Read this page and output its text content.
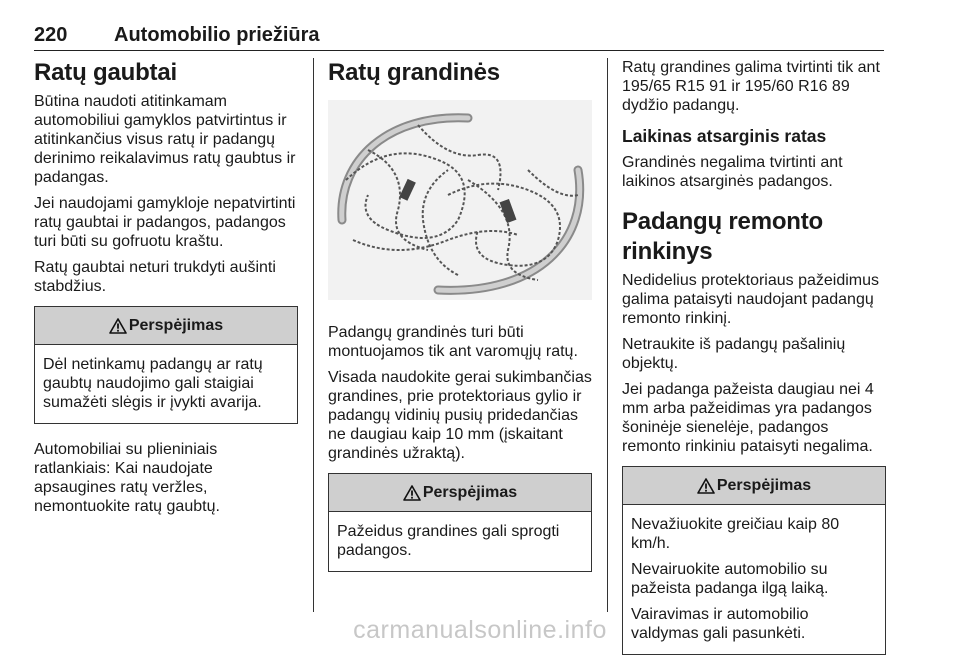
220 Automobilio priežiūra
Ratų gaubtai

Būtina naudoti atitinkamam automobiliui gamyklos patvirtintus ir atitinkančius visus ratų ir padangų derinimo reikalavimus ratų gaubtus ir padangas.

Jei naudojami gamykloje nepatvirtinti ratų gaubtai ir padangos, padangos turi būti su gofruotu kraštu.

Ratų gaubtai neturi trukdyti aušinti stabdžius.

Perspėjimas

Dėl netinkamų padangų ar ratų gaubtų naudojimo gali staigiai sumažėti slėgis ir įvykti avarija.

Automobiliai su plieniniais ratlankiais: Kai naudojate apsaugines ratų veržles, nemontuokite ratų gaubtų.

Ratų grandinės

Padangų grandinės turi būti montuojamos tik ant varomųjų ratų.

Visada naudokite gerai sukimbančias grandines, prie protektoriaus gylio ir padangų vidinių pusių pridedančias ne daugiau kaip 10 mm (įskaitant grandinės užraktą).

Perspėjimas

Pažeidus grandines gali sprogti padangos.

Ratų grandines galima tvirtinti tik ant 195/65 R15 91 ir 195/60 R16 89 dydžio padangų.

Laikinas atsarginis ratas

Grandinės negalima tvirtinti ant laikinos atsarginės padangos.

Padangų remonto rinkinys

Nedidelius protektoriaus pažeidimus galima pataisyti naudojant padangų remonto rinkinį.

Netraukite iš padangų pašalinių objektų.

Jei padanga pažeista daugiau nei 4 mm arba pažeidimas yra padangos šoninėje sienelėje, padangos remonto rinkiniu pataisyti negalima.

Perspėjimas

Nevažiuokite greičiau kaip 80 km/h.

Nevairuokite automobilio su pažeista padanga ilgą laiką.

Vairavimas ir automobilio valdymas gali pasunkėti.

carmanualsonline.info
